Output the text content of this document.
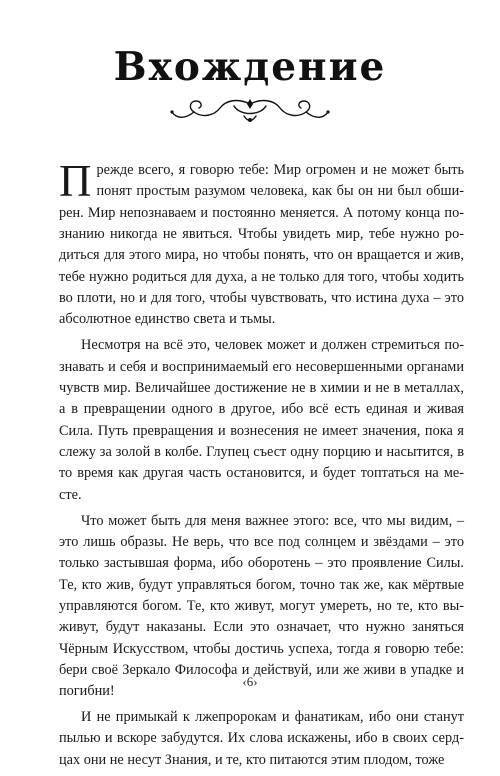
Вхождение

Прежде всего, я говорю тебе: Мир огромен и не может быть понят простым разумом человека, как бы он ни был обширен. Мир непознаваем и постоянно меняется. А потому конца познанию никогда не явиться. Чтобы увидеть мир, тебе нужно родиться для этого мира, но чтобы понять, что он вращается и жив, тебе нужно родиться для духа, а не только для того, чтобы ходить во плоти, но и для того, чтобы чувствовать, что истина духа – это абсолютное единство света и тьмы.

Несмотря на всё это, человек может и должен стремиться познавать и себя и воспринимаемый его несовершенными органами чувств мир. Величайшее достижение не в химии и не в металлах, а в превращении одного в другое, ибо всё есть единая и живая Сила. Путь превращения и вознесения не имеет значения, пока я слежу за золой в колбе. Глупец съест одну порцию и насытится, в то время как другая часть остановится, и будет топтаться на месте.

Что может быть для меня важнее этого: все, что мы видим, – это лишь образы. Не верь, что все под солнцем и звёздами – это только застывшая форма, ибо оборотень – это проявление Силы. Те, кто жив, будут управляться богом, точно так же, как мёртвые управляются богом. Те, кто живут, могут умереть, но те, кто выживут, будут наказаны. Если это означает, что нужно заняться Чёрным Искусством, чтобы достичь успеха, тогда я говорю тебе: бери своё Зеркало Философа и действуй, или же живи в упадке и погибни!

И не примыкай к лжепророкам и фанатикам, ибо они станут пылью и вскоре забудутся. Их слова искажены, ибо в своих сердцах они не несут Знания, и те, кто питаются этим плодом, тоже

‹6›
